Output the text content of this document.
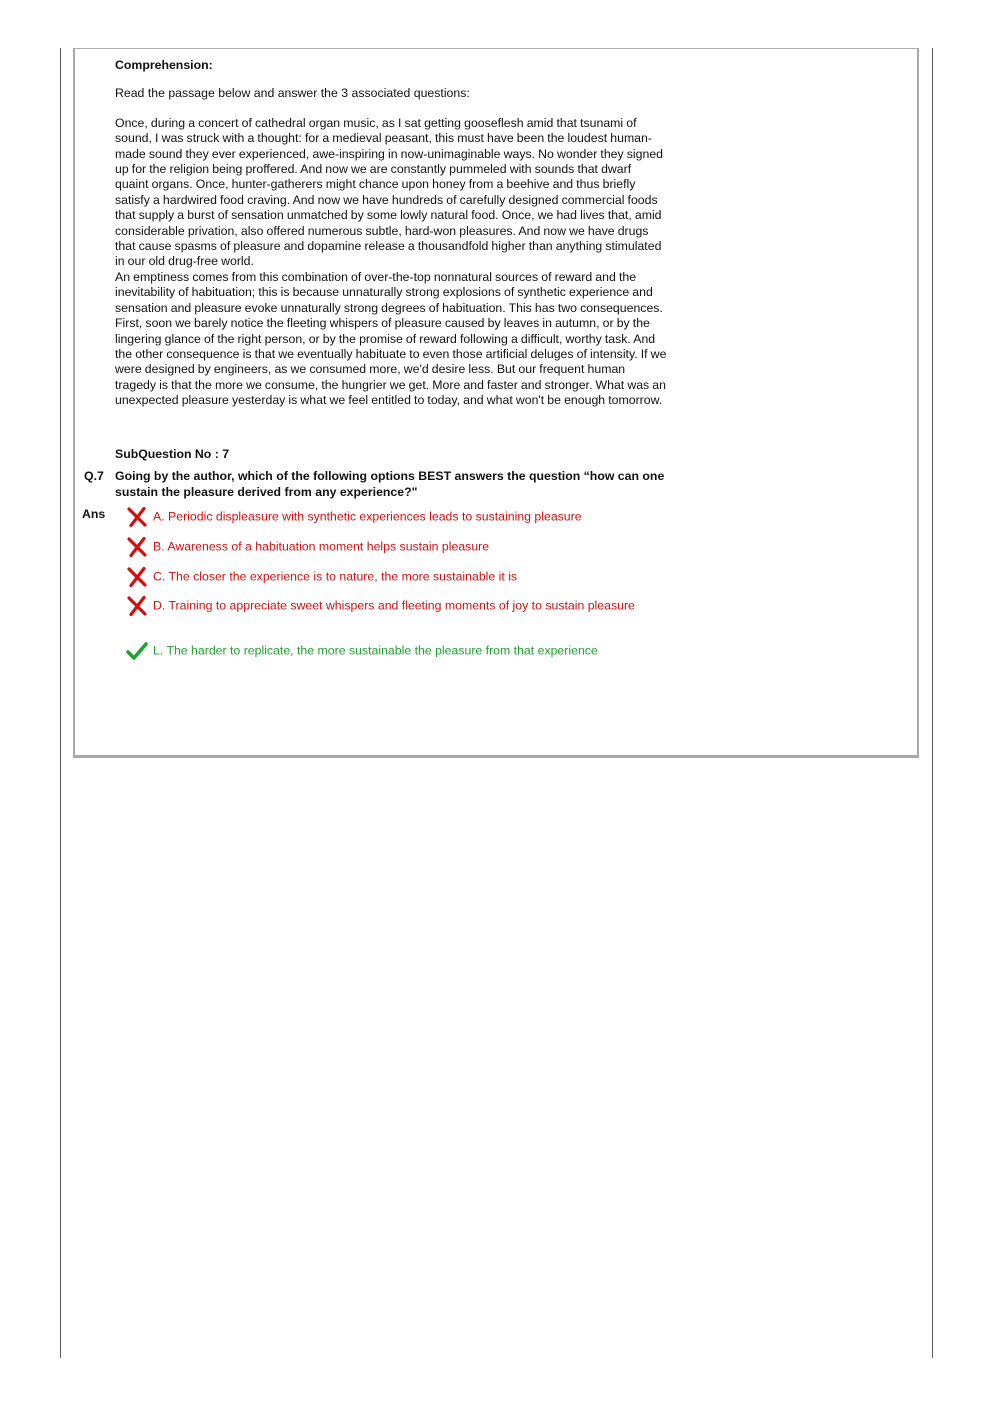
Comprehension:

Read the passage below and answer the 3 associated questions:

Once, during a concert of cathedral organ music, as I sat getting gooseflesh amid that tsunami of sound, I was struck with a thought: for a medieval peasant, this must have been the loudest human-made sound they ever experienced, awe-inspiring in now-unimaginable ways. No wonder they signed up for the religion being proffered. And now we are constantly pummeled with sounds that dwarf quaint organs. Once, hunter-gatherers might chance upon honey from a beehive and thus briefly satisfy a hardwired food craving. And now we have hundreds of carefully designed commercial foods that supply a burst of sensation unmatched by some lowly natural food. Once, we had lives that, amid considerable privation, also offered numerous subtle, hard-won pleasures. And now we have drugs that cause spasms of pleasure and dopamine release a thousandfold higher than anything stimulated in our old drug-free world.

An emptiness comes from this combination of over-the-top nonnatural sources of reward and the inevitability of habituation; this is because unnaturally strong explosions of synthetic experience and sensation and pleasure evoke unnaturally strong degrees of habituation. This has two consequences. First, soon we barely notice the fleeting whispers of pleasure caused by leaves in autumn, or by the lingering glance of the right person, or by the promise of reward following a difficult, worthy task. And the other consequence is that we eventually habituate to even those artificial deluges of intensity. If we were designed by engineers, as we consumed more, we'd desire less. But our frequent human tragedy is that the more we consume, the hungrier we get. More and faster and stronger. What was an unexpected pleasure yesterday is what we feel entitled to today, and what won't be enough tomorrow.

SubQuestion No : 7
Q.7 Going by the author, which of the following options BEST answers the question “how can one sustain the pleasure derived from any experience?"
Ans	A. Periodic displeasure with synthetic experiences leads to sustaining pleasure
B. Awareness of a habituation moment helps sustain pleasure
C. The closer the experience is to nature, the more sustainable it is
D. Training to appreciate sweet whispers and fleeting moments of joy to sustain pleasure
L. The harder to replicate, the more sustainable the pleasure from that experience
